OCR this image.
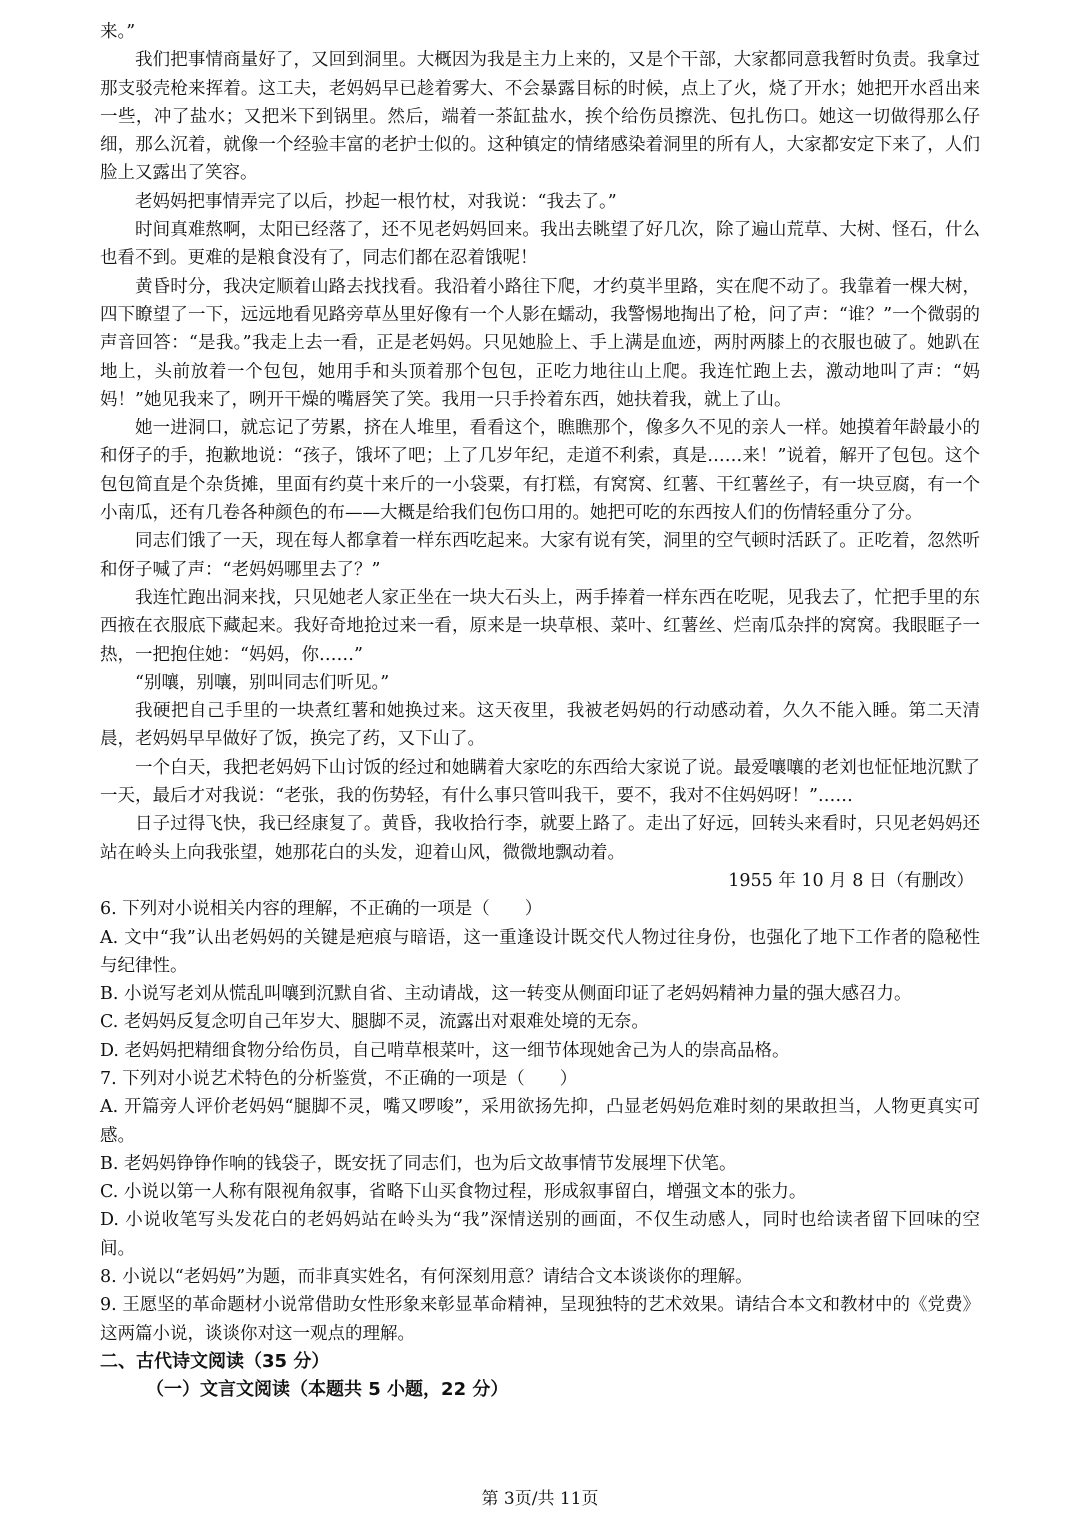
来。”

我们把事情商量好了，又回到洞里。大概因为我是主力上来的，又是个干部，大家都同意我暂时负责。我拿过那支驳壳枪来挥着。这工夫，老妈妈早已趁着雾大、不会暴露目标的时候，点上了火，烧了开水；她把开水舀出来一些，冲了盐水；又把米下到锅里。然后，端着一茶缸盐水，挨个给伤员擦洗、包扎伤口。她这一切做得那么仔细，那么沉着，就像一个经验丰富的老护士似的。这种镇定的情绪感染着洞里的所有人，大家都安定下来了，人们脸上又露出了笑容。

老妈妈把事情弄完了以后，抄起一根竹杖，对我说：“我去了。”

时间真难熬啊，太阳已经落了，还不见老妈妈回来。我出去眺望了好几次，除了遍山荒草、大树、怪石，什么也看不到。更难的是粮食没有了，同志们都在忍着饿呢！

黄昏时分，我决定顺着山路去找找看。我沿着小路往下爬，才约莫半里路，实在爬不动了。我靠着一棵大树，四下瞭望了一下，远远地看见路旁草丛里好像有一个人影在蠕动，我警惕地掏出了枪，问了声：“谁？”一个微弱的声音回答：“是我。”我走上去一看，正是老妈妈。只见她脸上、手上满是血迹，两肘两膝上的衣服也破了。她趴在地上，头前放着一个包包，她用手和头顶着那个包包，正吃力地往山上爬。我连忙跑上去，激动地叫了声：“妈妈！”她见我来了，咧开干燥的嘴唇笑了笑。我用一只手拎着东西，她扶着我，就上了山。

她一进洞口，就忘记了劳累，挤在人堆里，看看这个，瞧瞧那个，像多久不见的亲人一样。她摸着年龄最小的和伢子的手，抱歉地说：“孩子，饿坏了吧；上了几岁年纪，走道不利索，真是……来！”说着，解开了包包。这个包包简直是个杂货摊，里面有约莫十来斤的一小袋粟，有打糕，有窝窝、红薯、干红薯丝子，有一块豆腐，有一个小南瓜，还有几卷各种颜色的布——大概是给我们包伤口用的。她把可吃的东西按人们的伤情轻重分了分。

同志们饿了一天，现在每人都拿着一样东西吃起来。大家有说有笑，洞里的空气顿时活跃了。正吃着，忽然听和伢子喊了声：“老妈妈哪里去了？”

我连忙跑出洞来找，只见她老人家正坐在一块大石头上，两手捧着一样东西在吃呢，见我去了，忙把手里的东西掖在衣服底下藏起来。我好奇地抢过来一看，原来是一块草根、菜叶、红薯丝、烂南瓜杂拌的窝窝。我眼眶子一热，一把抱住她：“妈妈，你……”

“别嚷，别嚷，别叫同志们听见。”

我硬把自己手里的一块煮红薯和她换过来。这天夜里，我被老妈妈的行动感动着，久久不能入睡。第二天清晨，老妈妈早早做好了饭，换完了药，又下山了。

一个白天，我把老妈妈下山讨饭的经过和她瞒着大家吃的东西给大家说了说。最爱嚷嚷的老刘也怔怔地沉默了一天，最后才对我说：“老张，我的伤势轻，有什么事只管叫我干，要不，我对不住妈妈呀！”……

日子过得飞快，我已经康复了。黄昏，我收拾行李，就要上路了。走出了好远，回转头来看时，只见老妈妈还站在岭头上向我张望，她那花白的头发，迎着山风，微微地飘动着。

1955 年 10 月 8 日（有删改）

6. 下列对小说相关内容的理解，不正确的一项是（　　）

A. 文中“我”认出老妈妈的关键是疤痕与暗语，这一重逢设计既交代人物过往身份，也强化了地下工作者的隐秘性与纪律性。

B. 小说写老刘从慌乱叫嚷到沉默自省、主动请战，这一转变从侧面印证了老妈妈精神力量的强大感召力。

C. 老妈妈反复念叨自己年岁大、腿脚不灵，流露出对艰难处境的无奈。

D. 老妈妈把精细食物分给伤员，自己啃草根菜叶，这一细节体现她舍己为人的崇高品格。

7. 下列对小说艺术特色的分析鉴赏，不正确的一项是（　　）

A. 开篇旁人评价老妈妈“腿脚不灵，嘴又啰唆”，采用欲扬先抑，凸显老妈妈危难时刻的果敢担当，人物更真实可感。

B. 老妈妈铮铮作响的钱袋子，既安抚了同志们，也为后文故事情节发展埋下伏笔。

C. 小说以第一人称有限视角叙事，省略下山买食物过程，形成叙事留白，增强文本的张力。

D. 小说收笔写头发花白的老妈妈站在岭头为“我”深情送别的画面，不仅生动感人，同时也给读者留下回味的空间。

8. 小说以“老妈妈”为题，而非真实姓名，有何深刻用意？请结合文本谈谈你的理解。

9. 王愿坚的革命题材小说常借助女性形象来彰显革命精神，呈现独特的艺术效果。请结合本文和教材中的《党费》这两篇小说，谈谈你对这一观点的理解。

二、古代诗文阅读（35 分）

（一）文言文阅读（本题共 5 小题，22 分）

第 3页/共 11页
